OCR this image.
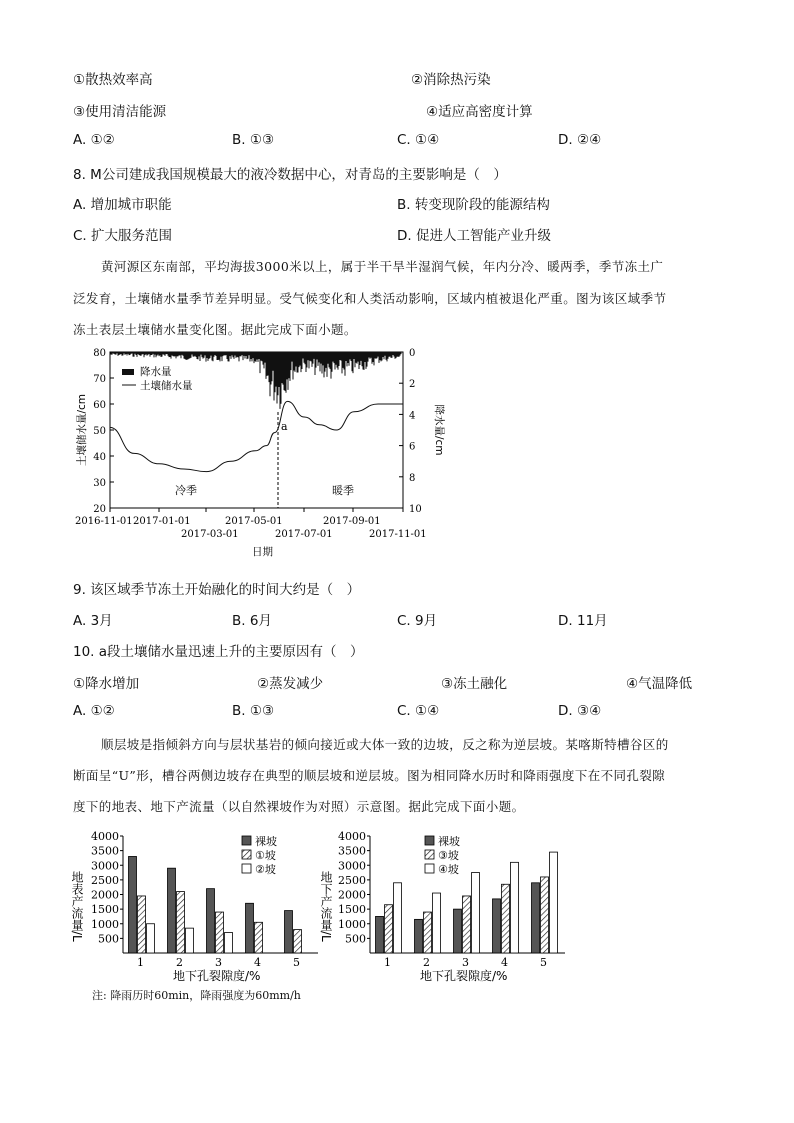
①散热效率高	②消除热污染
③使用清洁能源	④适应高密度计算
A. ①②	B. ①③	C. ①④	D. ②④
8. M公司建成我国规模最大的液冷数据中心，对青岛的主要影响是（　）
A. 增加城市职能	B. 转变现阶段的能源结构
C. 扩大服务范围	D. 促进人工智能产业升级
黄河源区东南部，平均海拔3000米以上，属于半干旱半湿润气候，年内分冷、暖两季，季节冻土广
泛发育，土壤储水量季节差异明显。受气候变化和人类活动影响，区域内植被退化严重。图为该区域季节
冻土表层土壤储水量变化图。据此完成下面小题。
80
70
60
50
40
30
20
0
2
4
6
8
10
a
冷季	暖季
降水量
土壤储水量
土壤储水量/cm	降水量/cm
2016-11-01 2017-01-01	2017-05-01	2017-09-01
2017-03-01	2017-07-01	2017-11-01
日期
9. 该区域季节冻土开始融化的时间大约是（　）
A. 3月	B. 6月	C. 9月	D. 11月
10. a段土壤储水量迅速上升的主要原因有（　）
①降水增加	②蒸发减少	③冻土融化	④气温降低
A. ①②	B. ①③	C. ①④	D. ③④
顺层坡是指倾斜方向与层状基岩的倾向接近或大体一致的边坡，反之称为逆层坡。某喀斯特槽谷区的
断面呈“U”形，槽谷两侧边坡存在典型的顺层坡和逆层坡。图为相同降水历时和降雨强度下在不同孔裂隙
度下的地表、地下产流量（以自然裸坡作为对照）示意图。据此完成下面小题。
4000
3500
3000
2500
2000
1500
1000
500
1	2	3	4	5
裸坡
①坡
②坡
4000
3500
3000
2500
2000
1500
1000
500
1	2	3	4	5
裸坡
③坡
④坡
地表产流量/L	地下产流量/L
地下孔裂隙度/%	地下孔裂隙度/%
注: 降雨历时60min，降雨强度为60mm/h
